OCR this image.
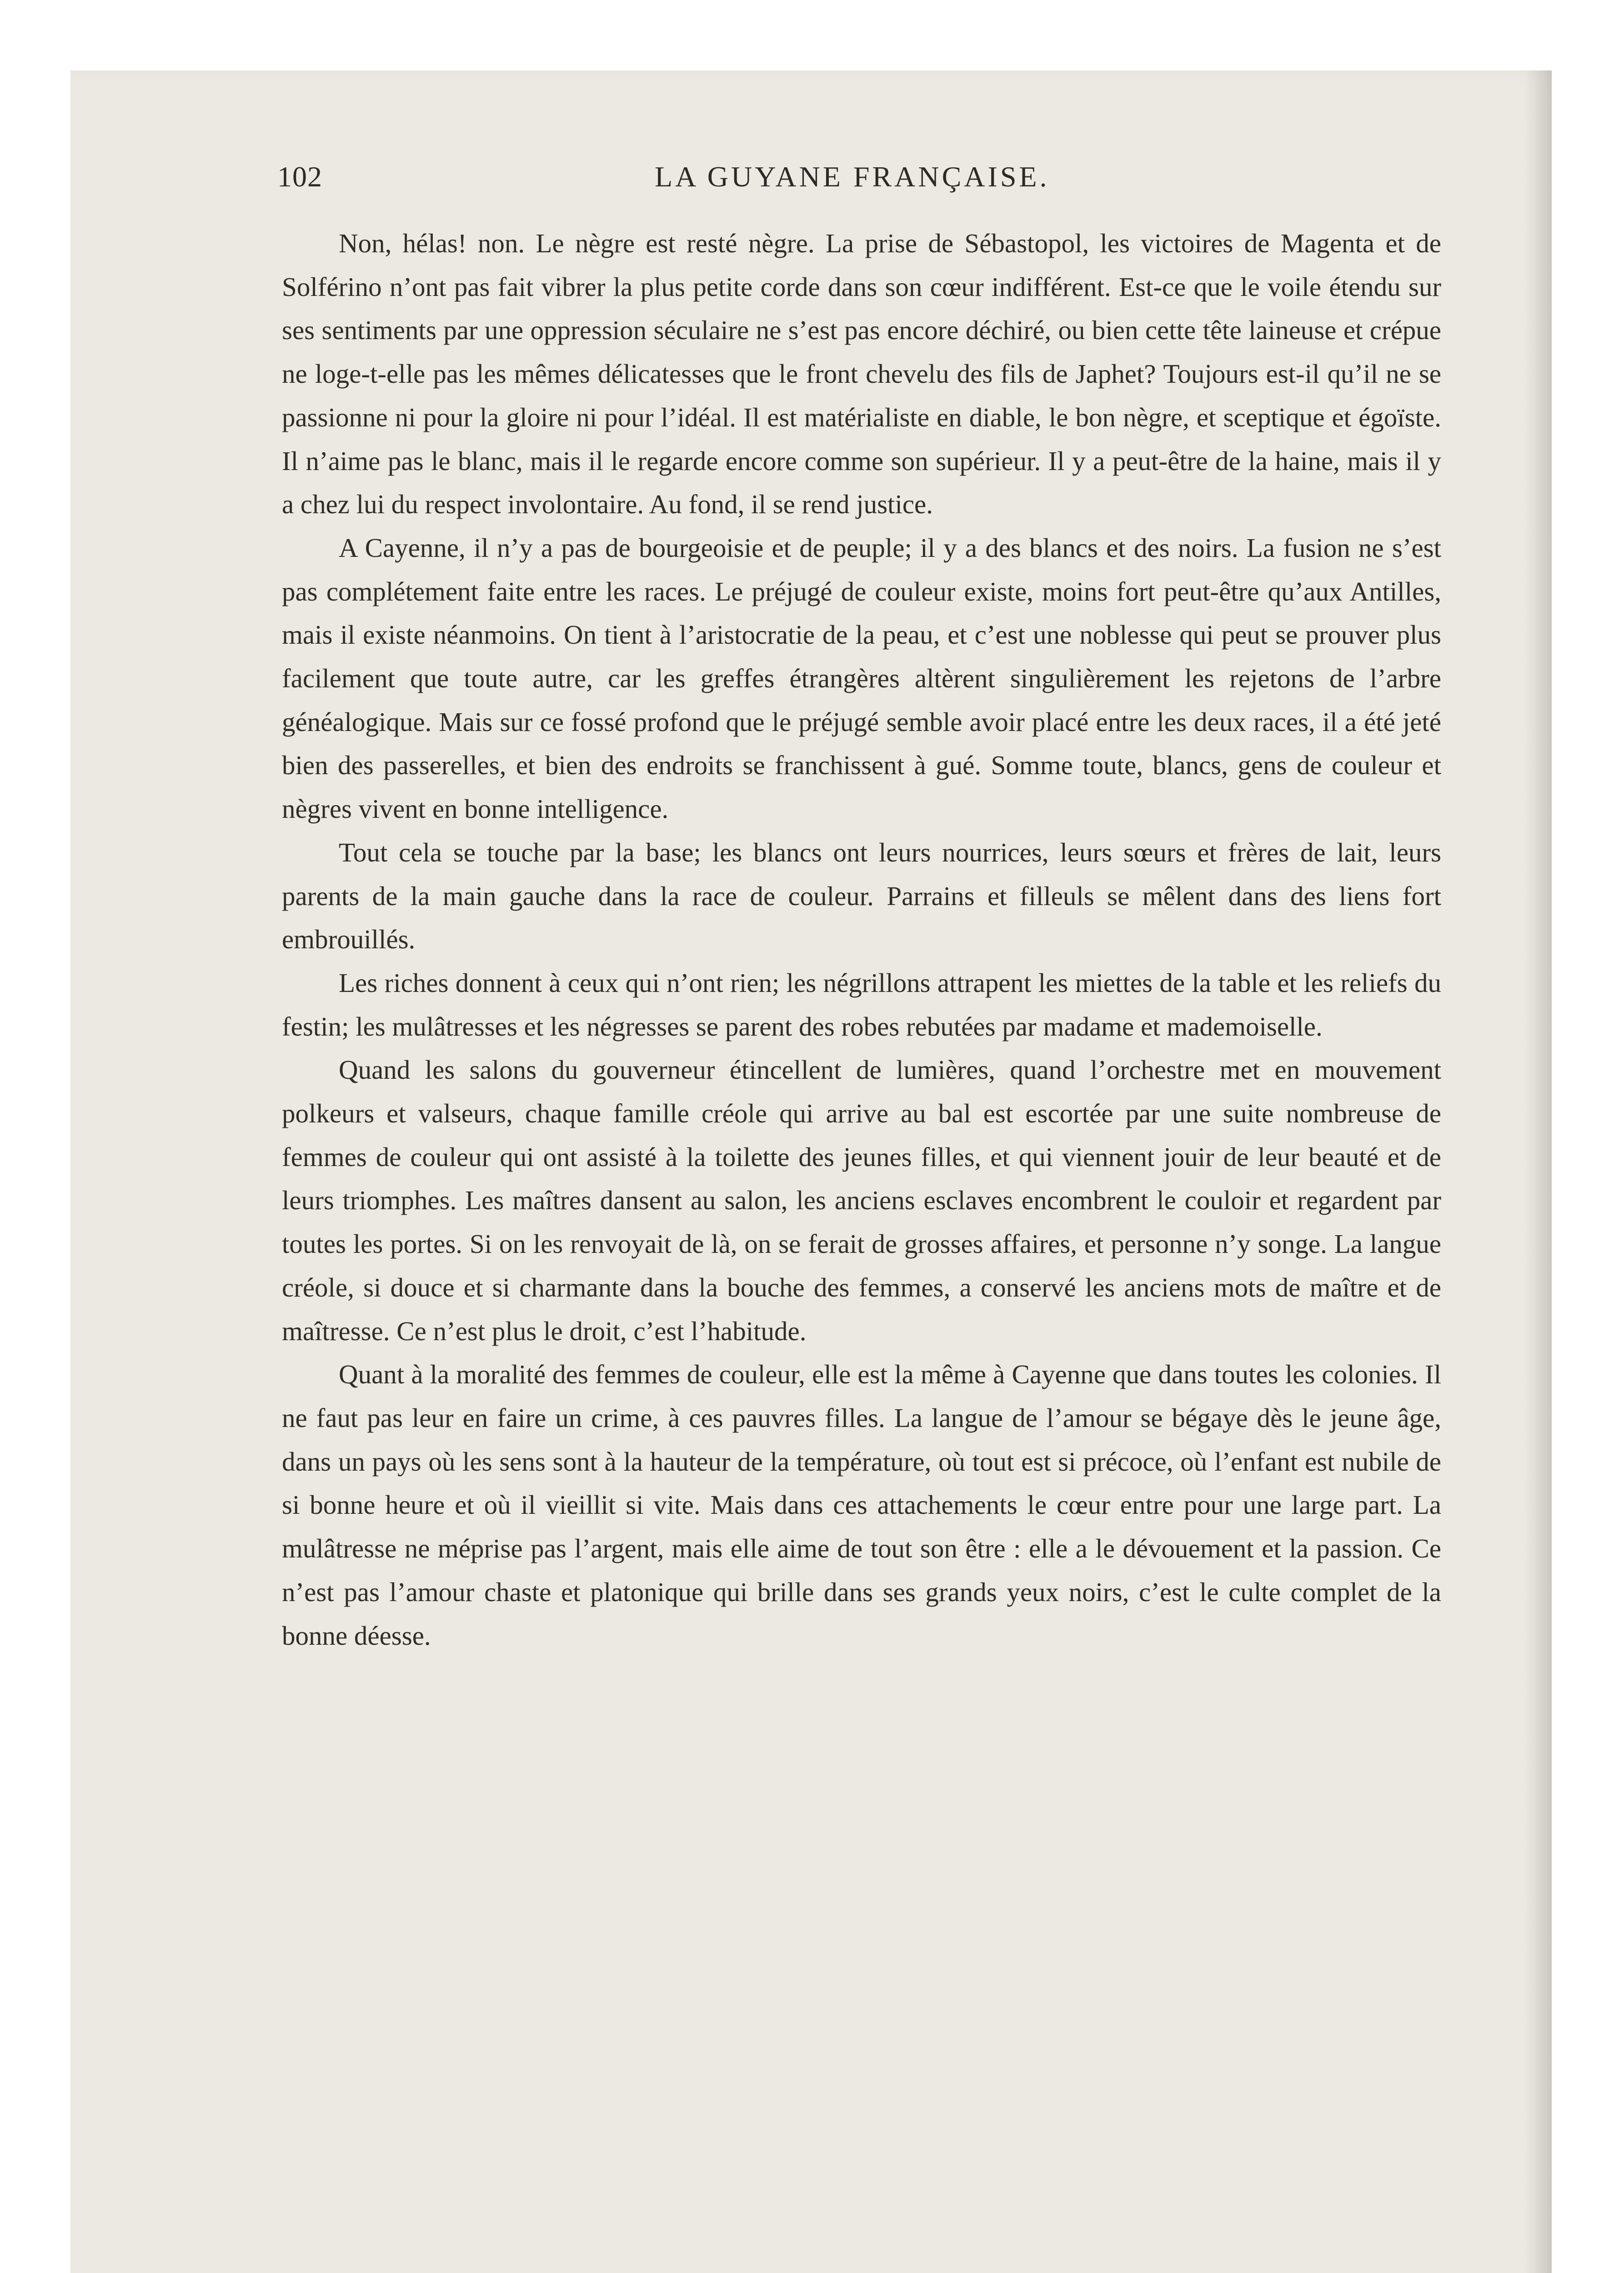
102	LA GUYANE FRANÇAISE.

Non, hélas! non. Le nègre est resté nègre. La prise de Sébastopol, les victoires de Magenta et de Solférino n’ont pas fait vibrer la plus petite corde dans son cœur indifférent. Est-ce que le voile étendu sur ses sentiments par une oppression séculaire ne s’est pas encore déchiré, ou bien cette tête laineuse et crépue ne loge-t-elle pas les mêmes délicatesses que le front chevelu des fils de Japhet? Toujours est-il qu’il ne se passionne ni pour la gloire ni pour l’idéal. Il est matérialiste en diable, le bon nègre, et sceptique et égoïste. Il n’aime pas le blanc, mais il le regarde encore comme son supérieur. Il y a peut-être de la haine, mais il y a chez lui du respect involontaire. Au fond, il se rend justice.

A Cayenne, il n’y a pas de bourgeoisie et de peuple; il y a des blancs et des noirs. La fusion ne s’est pas complétement faite entre les races. Le préjugé de couleur existe, moins fort peut-être qu’aux Antilles, mais il existe néanmoins. On tient à l’aristocratie de la peau, et c’est une noblesse qui peut se prouver plus facilement que toute autre, car les greffes étrangères altèrent singulièrement les rejetons de l’arbre généalogique. Mais sur ce fossé profond que le préjugé semble avoir placé entre les deux races, il a été jeté bien des passerelles, et bien des endroits se franchissent à gué. Somme toute, blancs, gens de couleur et nègres vivent en bonne intelligence.

Tout cela se touche par la base; les blancs ont leurs nourrices, leurs sœurs et frères de lait, leurs parents de la main gauche dans la race de couleur. Parrains et filleuls se mêlent dans des liens fort embrouillés.

Les riches donnent à ceux qui n’ont rien; les négrillons attrapent les miettes de la table et les reliefs du festin; les mulâtresses et les négresses se parent des robes rebutées par madame et mademoiselle.

Quand les salons du gouverneur étincellent de lumières, quand l’orchestre met en mouvement polkeurs et valseurs, chaque famille créole qui arrive au bal est escortée par une suite nombreuse de femmes de couleur qui ont assisté à la toilette des jeunes filles, et qui viennent jouir de leur beauté et de leurs triomphes. Les maîtres dansent au salon, les anciens esclaves encombrent le couloir et regardent par toutes les portes. Si on les renvoyait de là, on se ferait de grosses affaires, et personne n’y songe. La langue créole, si douce et si charmante dans la bouche des femmes, a conservé les anciens mots de maître et de maîtresse. Ce n’est plus le droit, c’est l’habitude.

Quant à la moralité des femmes de couleur, elle est la même à Cayenne que dans toutes les colonies. Il ne faut pas leur en faire un crime, à ces pauvres filles. La langue de l’amour se bégaye dès le jeune âge, dans un pays où les sens sont à la hauteur de la température, où tout est si précoce, où l’enfant est nubile de si bonne heure et où il vieillit si vite. Mais dans ces attachements le cœur entre pour une large part. La mulâtresse ne méprise pas l’argent, mais elle aime de tout son être : elle a le dévouement et la passion. Ce n’est pas l’amour chaste et platonique qui brille dans ses grands yeux noirs, c’est le culte complet de la bonne déesse.
